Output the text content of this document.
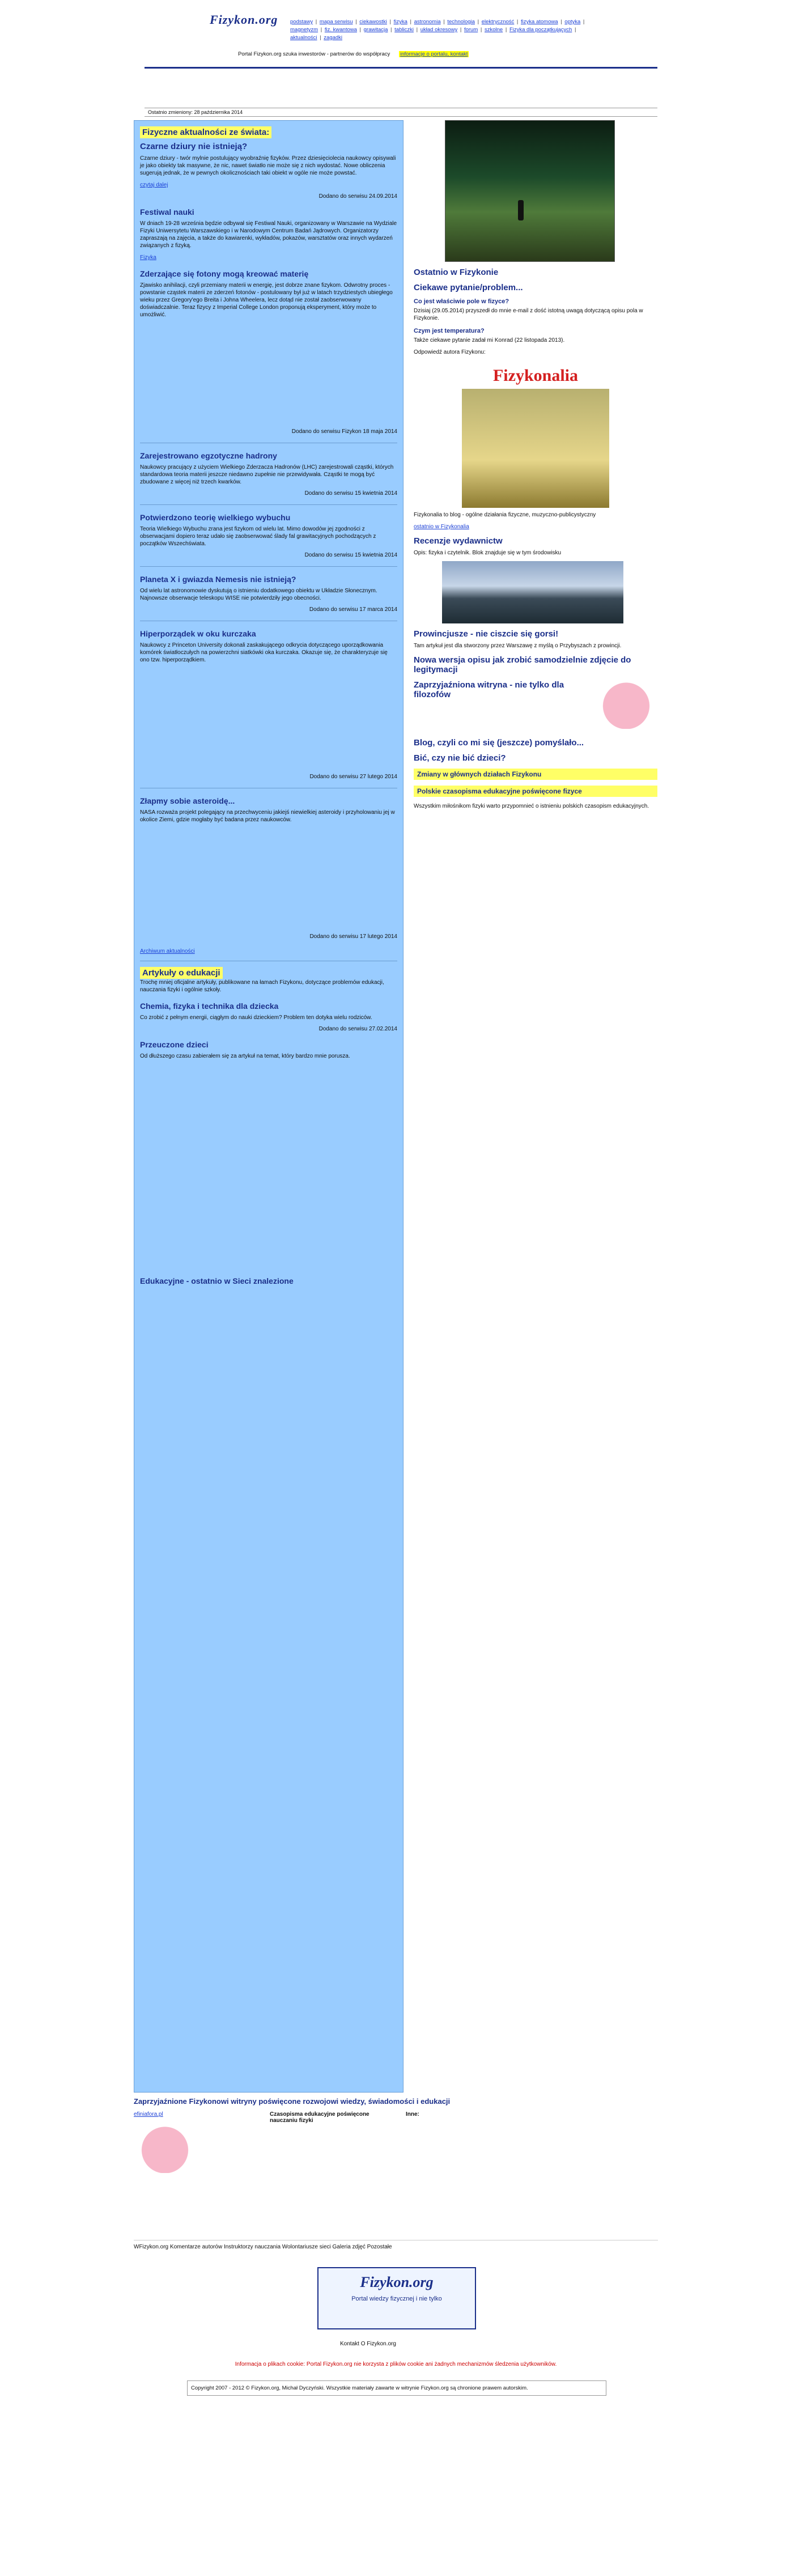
Fizykon.org podstawy | mapa serwisu | ciekawostki | fizyka | astronomia | technologia | elektryczność | fizyka atomowa | optyka | magnetyzm | fiz. kwantowa | grawitacja | tabliczki | układ okresowy | forum | szkolne | Fizyka dla początkujących | aktualności | zagadki
Portal Fizykon.org szuka inwestorów - partnerów do współpracy informacje o portalu, kontakt
Ostatnio zmieniony: 28 października 2014
Fizyczne aktualności ze świata:
Czarne dziury nie istnieją?

Czarne dziury - twór mylnie postulujący wyobraźnię fizyków. Przez dziesięciolecia naukowcy opisywali je jako obiekty tak masywne, że nic, nawet światło nie może się z nich wydostać. Nowe obliczenia sugerują jednak, że w pewnych okolicznościach taki obiekt w ogóle nie może powstać.

czytaj dalej

Dodano do serwisu 24.09.2014
Festiwal nauki

W dniach 19-28 września będzie odbywał się Festiwal Nauki, organizowany w Warszawie na Wydziale Fizyki Uniwersytetu Warszawskiego i w Narodowym Centrum Badań Jądrowych. Organizatorzy zapraszają na zajęcia, a także do kawiarenki, wykładów, pokazów, warsztatów oraz innych wydarzeń związanych z fizyką.

Fizyka

Zderzające się fotony mogą kreować materię

Zjawisko anihilacji, czyli przemiany materii w energię, jest dobrze znane fizykom. Odwrotny proces - powstanie cząstek materii ze zderzeń fotonów - postulowany był już w latach trzydziestych ubiegłego wieku przez Gregory'ego Breita i Johna Wheelera, lecz dotąd nie został zaobserwowany doświadczalnie. Teraz fizycy z Imperial College London proponują eksperyment, który może to umożliwić.

Dodano do serwisu Fizykon 18 maja 2014
Zarejestrowano egzotyczne hadrony

Naukowcy pracujący z użyciem Wielkiego Zderzacza Hadronów (LHC) zarejestrowali cząstki, których standardowa teoria materii jeszcze niedawno zupełnie nie przewidywała. Cząstki te mogą być zbudowane z więcej niż trzech kwarków.

Dodano do serwisu 15 kwietnia 2014
Potwierdzono teorię wielkiego wybuchu

Teoria Wielkiego Wybuchu zrana jest fizykom od wielu lat. Mimo dowodów jej zgodności z obserwacjami dopiero teraz udało się zaobserwować ślady fal grawitacyjnych pochodzących z początków Wszechświata.

Dodano do serwisu 15 kwietnia 2014
Planeta X i gwiazda Nemesis nie istnieją?

Od wielu lat astronomowie dyskutują o istnieniu dodatkowego obiektu w Układzie Słonecznym. Najnowsze obserwacje teleskopu WISE nie potwierdziły jego obecności.

Dodano do serwisu 17 marca 2014
Hiperporządek w oku kurczaka

Naukowcy z Princeton University dokonali zaskakującego odkrycia dotyczącego uporządkowania komórek światłoczułych na powierzchni siatkówki oka kurczaka. Okazuje się, że charakteryzuje się ono tzw. hiperporządkiem.

Dodano do serwisu 27 lutego 2014
Złapmy sobie asteroidę...

NASA rozważa projekt polegający na przechwyceniu jakiejś niewielkiej asteroidy i przyholowaniu jej w okolice Ziemi, gdzie mogłaby być badana przez naukowców.

Dodano do serwisu 17 lutego 2014

Archiwum aktualności

Artykuły o edukacji

Trochę mniej oficjalne artykuły, publikowane na łamach Fizykonu, dotyczące problemów edukacji, nauczania fizyki i ogólnie szkoły.

Chemia, fizyka i technika dla dziecka

Co zrobić z pełnym energii, ciągłym do nauki dzieckiem? Problem ten dotyka wielu rodziców.

Dodano do serwisu 27.02.2014
Przeuczone dzieci

Od dłuższego czasu zabierałem się za artykuł na temat, który bardzo mnie porusza.

Edukacyjne - ostatnio w Sieci znalezione
Ostatnio w Fizykonie
Ciekawe pytanie/problem...
Co jest właściwie pole w fizyce?

Dzisiaj (29.05.2014) przyszedł do mnie e-mail z dość istotną uwagą dotyczącą opisu pola w Fizykonie.

Czym jest temperatura?

Także ciekawe pytanie zadał mi Konrad (22 listopada 2013).

Odpowiedź autora Fizykonu:

Fizykonalia

Fizykonalia to blog - ogólne działania fizyczne, muzyczno-publicystyczny

ostatnio w Fizykonalia

Recenzje wydawnictw

Opis: fizyka i czytelnik. Blok znajduje się w tym środowisku

Prowincjusze - nie ciszcie się gorsi!

Tam artykuł jest dla stworzony przez Warszawę z myślą o Przybyszach z prowincji.

Nowa wersja opisu jak zrobić samodzielnie zdjęcie do legitymacji
Zaprzyjaźniona witryna - nie tylko dla filozofów
Blog, czyli co mi się (jeszcze) pomyślało...
Bić, czy nie bić dzieci?
Zmiany w głównych działach Fizykonu
Polskie czasopisma edukacyjne poświęcone fizyce

Wszystkim miłośnikom fizyki warto przypomnieć o istnieniu polskich czasopism edukacyjnych.

Zaprzyjaźnione Fizykonowi witryny poświęcone rozwojowi wiedzy, świadomości i edukacji
efiniafora.pl	Czasopisma edukacyjne poświęcone nauczaniu fizyki
Inne:
WFizykon.org Komentarze autorów Instruktorzy nauczania Wolontariusze sieci Galeria zdjęć Pozostałe
Fizykon.org
Portal wiedzy fizycznej i nie tylko
Kontakt O Fizykon.org
Informacja o plikach cookie: Portal Fizykon.org nie korzysta z plików cookie ani żadnych mechanizmów śledzenia użytkowników.
Copyright 2007 - 2012 © Fizykon.org, Michał Dyczyński. Wszystkie materiały zawarte w witrynie Fizykon.org są chronione prawem autorskim.
